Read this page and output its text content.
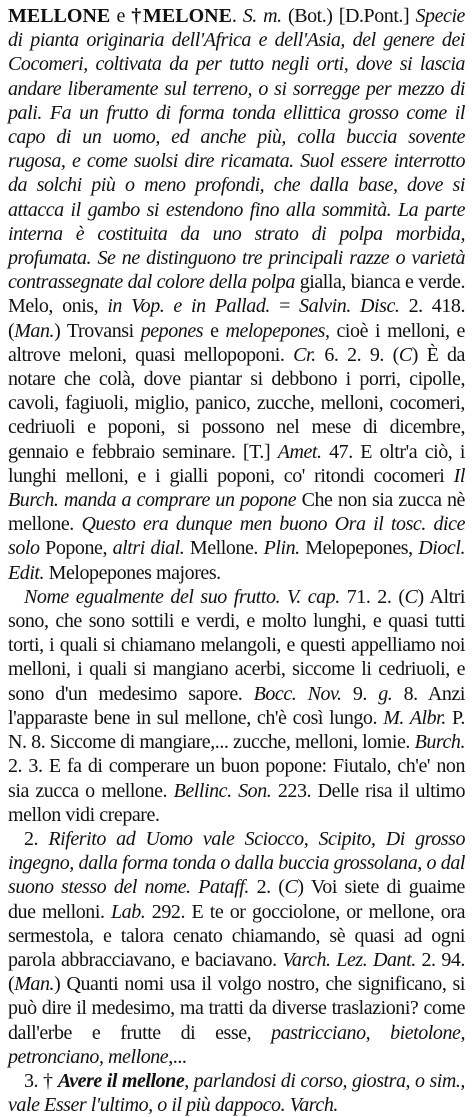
MELLONE e †MELONE. S. m. (Bot.) [D.Pont.] Specie di pianta originaria dell'Africa e dell'Asia, del genere dei Cocomeri, coltivata da per tutto negli orti, dove si lascia andare liberamente sul terreno, o si sorregge per mezzo di pali. Fa un frutto di forma tonda ellittica grosso come il capo di un uomo, ed anche più, colla buccia sovente rugosa, e come suolsi dire ricamata. Suol essere interrotto da solchi più o meno profondi, che dalla base, dove si attacca il gambo si estendono fino alla sommità. La parte interna è costituita da uno strato di polpa morbida, profumata. Se ne distinguono tre principali razze o varietà contrassegnate dal colore della polpa gialla, bianca e verde. Melo, onis, in Vop. e in Pallad. = Salvin. Disc. 2. 418. (Man.) Trovansi pepones e melopepones, cioè i melloni, e altrove meloni, quasi mellopoponi. Cr. 6. 2. 9. (C) È da notare che colà, dove piantar si debbono i porri, cipolle, cavoli, fagiuoli, miglio, panico, zucche, melloni, cocomeri, cedriuoli e poponi, si possono nel mese di dicembre, gennaio e febbraio seminare. [T.] Amet. 47. E oltr'a ciò, i lunghi melloni, e i gialli poponi, co' ritondi cocomeri Il Burch. manda a comprare un popone Che non sia zucca nè mellone. Questo era dunque men buono Ora il tosc. dice solo Popone, altri dial. Mellone. Plin. Melopepones, Diocl. Edit. Melopepones majores.

Nome egualmente del suo frutto. V. cap. 71. 2. (C) Altri sono, che sono sottili e verdi, e molto lunghi, e quasi tutti torti, i quali si chiamano melangoli, e questi appelliamo noi melloni, i quali si mangiano acerbi, siccome li cedriuoli, e sono d'un medesimo sapore. Bocc. Nov. 9. g. 8. Anzi l'apparaste bene in sul mellone, ch'è così lungo. M. Albr. P. N. 8. Siccome di mangiare,... zucche, melloni, lomie. Burch. 2. 3. E fa di comperare un buon popone: Fiutalo, ch'e' non sia zucca o mellone. Bellinc. Son. 223. Delle risa il ultimo mellon vidi crepare.

2. Riferito ad Uomo vale Sciocco, Scipito, Di grosso ingegno, dalla forma tonda o dalla buccia grossolana, o dal suono stesso del nome. Pataff. 2. (C) Voi siete di guaime due melloni. Lab. 292. E te or gocciolone, or mellone, ora sermestola, e talora cenato chiamando, sè quasi ad ogni parola abbracciavano, e baciavano. Varch. Lez. Dant. 2. 94. (Man.) Quanti nomi usa il volgo nostro, che significano, si può dire il medesimo, ma tratti da diverse traslazioni? come dall'erbe e frutte di esse, pastricciano, bietolone, petronciano, mellone,...

3. † Avere il mellone, parlandosi di corso, giostra, o sim., vale Esser l'ultimo, o il più dappoco. Varch.
